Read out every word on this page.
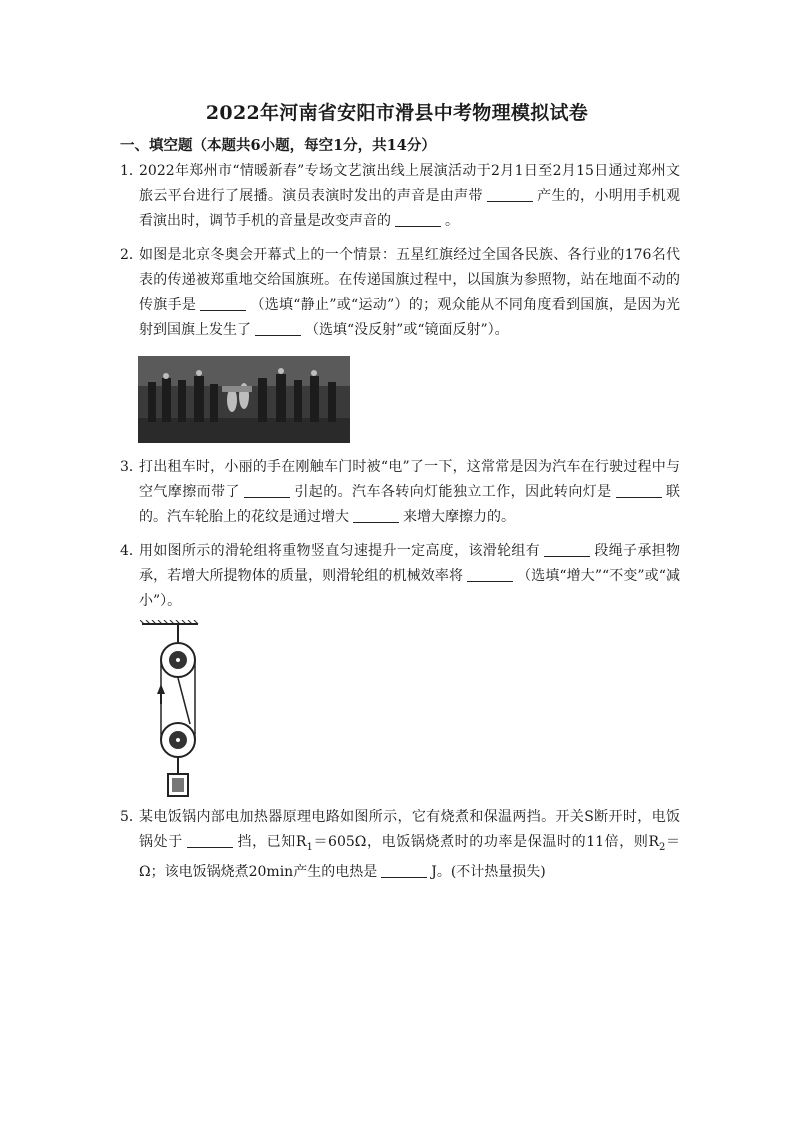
2022年河南省安阳市滑县中考物理模拟试卷
一、填空题（本题共6小题，每空1分，共14分）
1．
2022年郑州市“情暖新春”专场文艺演出线上展演活动于2月1日至2月15日通过郑州文旅云平台进行了展播。演员表演时发出的声音是由声带	产生的，小明用手机观看演出时，调节手机的音量是改变声音的	。
2．
如图是北京冬奥会开幕式上的一个情景：五星红旗经过全国各民族、各行业的176名代表的传递被郑重地交给国旗班。在传递国旗过程中，以国旗为参照物，站在地面不动的传旗手是	（选填“静止”或“运动”）的；观众能从不同角度看到国旗，是因为光射到国旗上发生了	（选填“没反射”或“镜面反射”）。
3．
打出租车时，小丽的手在刚触车门时被“电”了一下，这常常是因为汽车在行驶过程中与空气摩擦而带了	引起的。汽车各转向灯能独立工作，因此转向灯是	联的。汽车轮胎上的花纹是通过增大	来增大摩擦力的。
4．
用如图所示的滑轮组将重物竖直匀速提升一定高度，该滑轮组有	段绳子承担物承，若增大所提物体的质量，则滑轮组的机械效率将	（选填“增大”“不变”或“减小”）。
5．
某电饭锅内部电加热器原理电路如图所示，它有烧煮和保温两挡。开关S断开时，电饭锅处于	挡，已知$R_1=605\Omega$，电饭锅烧煮时的功率是保温时的11倍，则$R_2=\Omega$；该电饭锅烧煮20min产生的电热是	J。(不计热量损失)
